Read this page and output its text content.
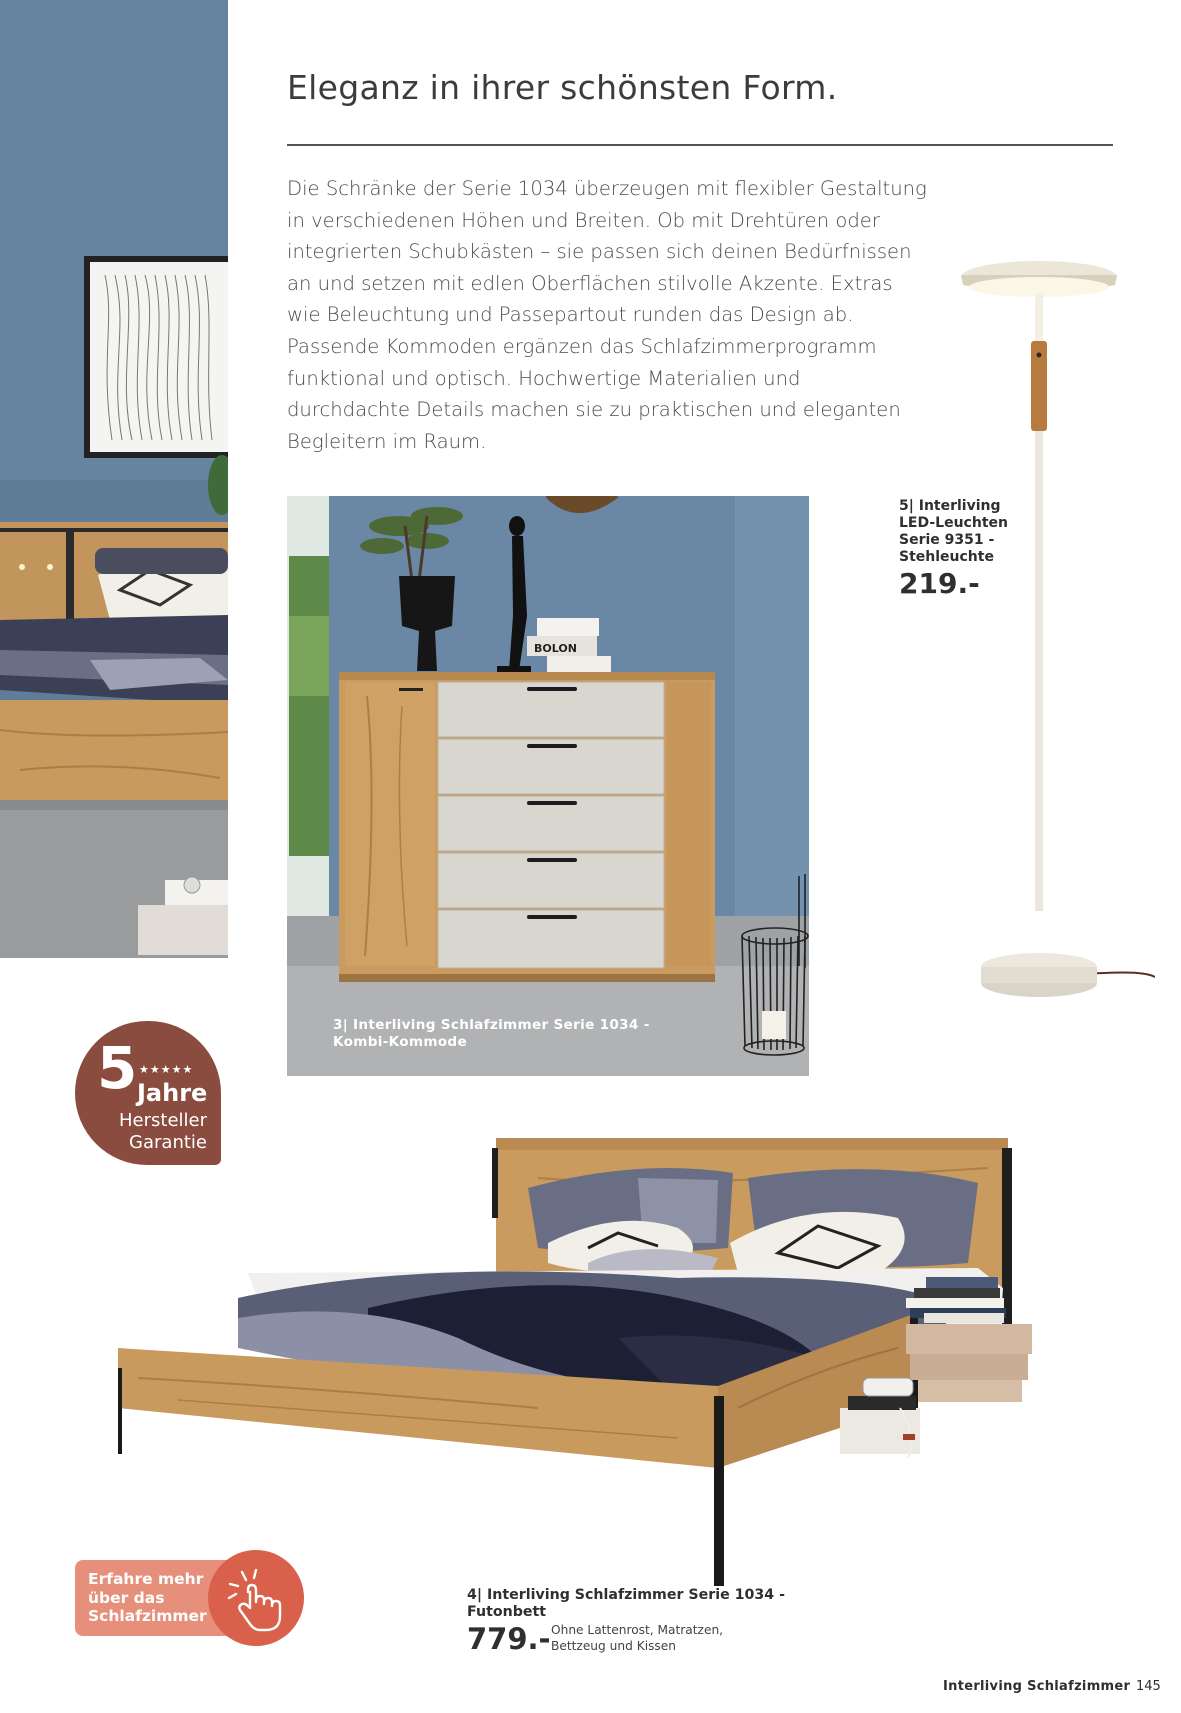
Eleganz in ihrer schönsten Form.

Die Schränke der Serie 1034 überzeugen mit flexibler Gestaltung in verschiedenen Höhen und Breiten. Ob mit Drehtüren oder integrierten Schubkästen – sie passen sich deinen Bedürfnissen an und setzen mit edlen Oberflächen stilvolle Akzente. Extras wie Beleuchtung und Passepartout runden das Design ab. Passende Kommoden ergänzen das Schlafzimmerprogramm funktional und optisch. Hochwertige Materialien und durchdachte Details machen sie zu praktischen und eleganten Begleitern im Raum.

BOLON
3| Interliving Schlafzimmer Serie 1034 -
Kombi-Kommode
5| Interliving
LED-Leuchten
Serie 9351 -
Stehleuchte
219.-
5 ★★★★★
Jahre
Hersteller
Garantie
4| Interliving Schlafzimmer Serie 1034 -
Futonbett
779.- Ohne Lattenrost, Matratzen,
Bettzeug und Kissen
Erfahre mehr
über das
Schlafzimmer
Interliving Schlafzimmer 145
